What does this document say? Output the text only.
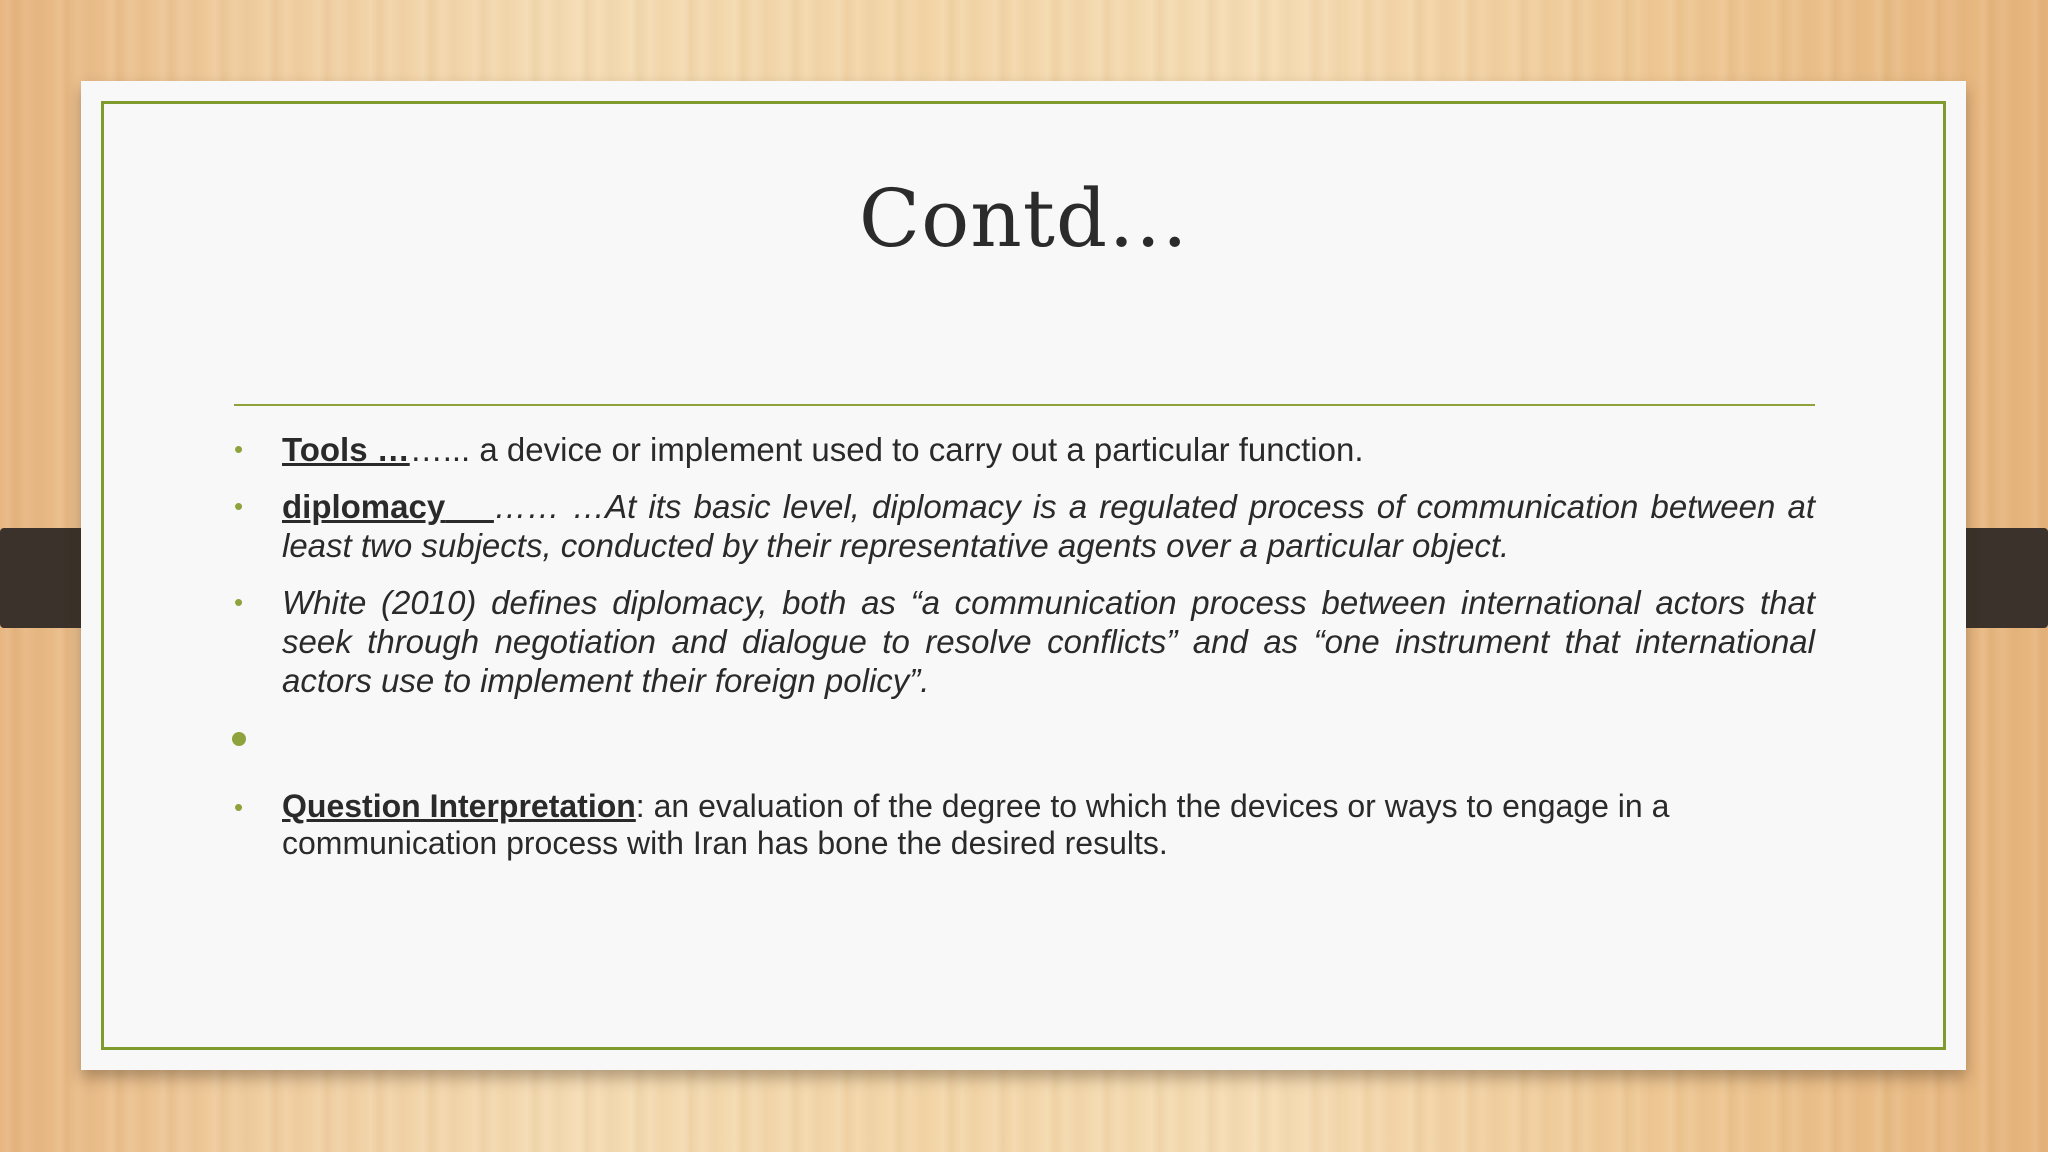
Contd…
• Tools ……... a device or implement used to carry out a particular function.
• diplomacy …… …At its basic level, diplomacy is a regulated process of communication between at least two subjects, conducted by their representative agents over a particular object.
• White (2010) defines diplomacy, both as “a communication process between international actors that seek through negotiation and dialogue to resolve conflicts” and as “one instrument that international actors use to implement their foreign policy”.
• Question Interpretation: an evaluation of the degree to which the devices or ways to engage in a communication process with Iran has bone the desired results.
